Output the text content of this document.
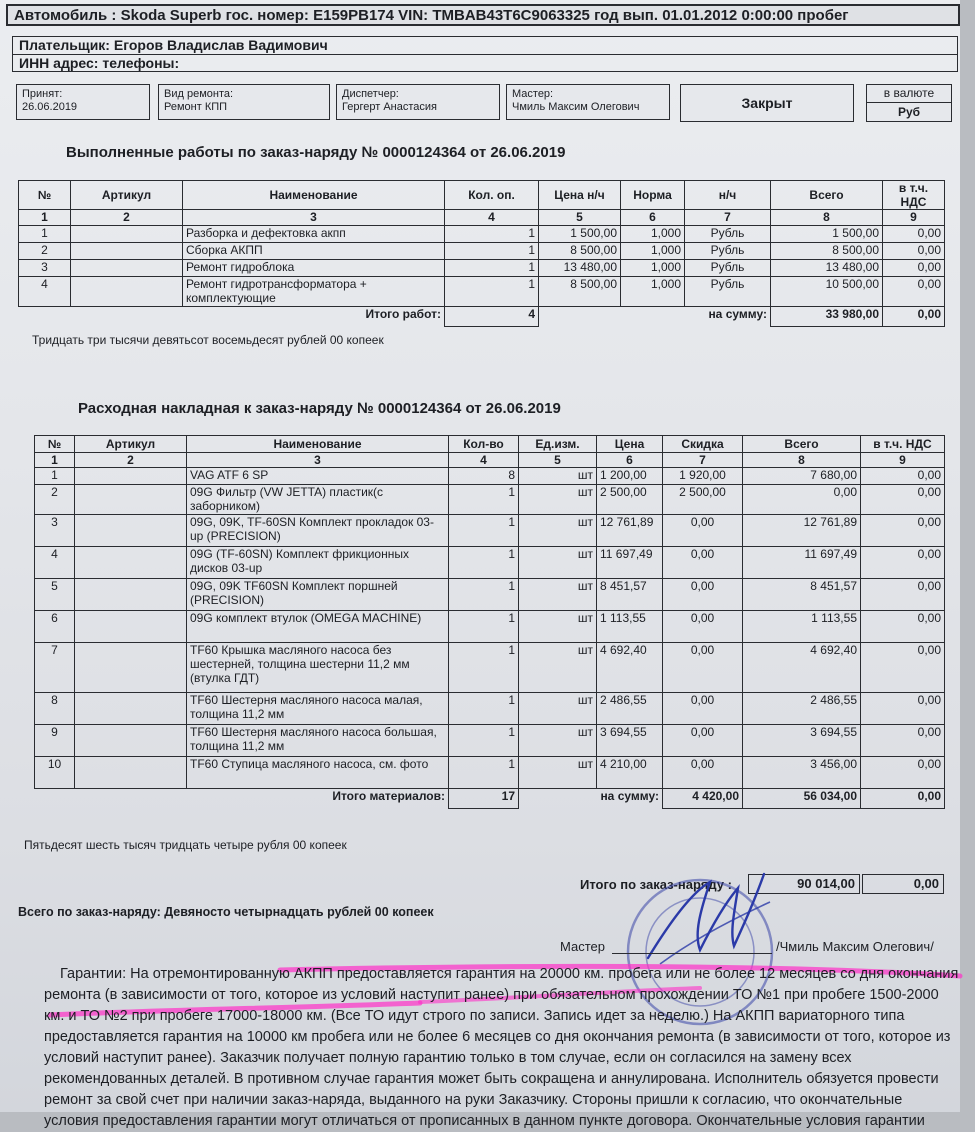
Автомобиль : Skoda Superb гос. номер: Е159РВ174 VIN: TMBAB43T6C9063325 год вып. 01.01.2012 0:00:00 пробег
Плательщик: Егоров Владислав Вадимович
ИНН адрес: телефоны:
Принят:
26.06.2019
Вид ремонта:
Ремонт КПП
Диспетчер:
Гергерт Анастасия
Мастер:
Чмиль Максим Олегович	Закрыт
в валюте
Руб
Выполненные работы по заказ-наряду № 0000124364 от 26.06.2019
№	Артикул	Наименование	Кол. оп.	Цена н/ч	Норма	н/ч	Всего	в т.ч. НДС
1	2	3	4	5	6	7	8	9
1		Разборка и дефектовка акпп	1	1 500,00	1,000	Рубль	1 500,00	0,00
2		Сборка АКПП	1	8 500,00	1,000	Рубль	8 500,00	0,00
3		Ремонт гидроблока	1	13 480,00	1,000	Рубль	13 480,00	0,00
4		Ремонт гидротрансформатора + комплектующие	1	8 500,00	1,000	Рубль	10 500,00	0,00
Итого работ:			4	на сумму:			33 980,00	0,00
Тридцать три тысячи девятьсот восемьдесят рублей 00 копеек
Расходная накладная к заказ-наряду № 0000124364 от 26.06.2019
№	Артикул	Наименование	Кол-во	Ед.изм.	Цена	Скидка	Всего	в т.ч. НДС
1	2	3	4	5	6	7	8	9
1		VAG ATF 6 SP	8	шт	1 200,00	1 920,00	7 680,00	0,00
2		09G Фильтр (VW JETTA) пластик(с заборником)	1	шт	2 500,00	2 500,00	0,00	0,00
3		09G, 09K, TF-60SN Комплект прокладок 03-up (PRECISION)	1	шт	12 761,89	0,00	12 761,89	0,00
4		09G (TF-60SN) Комплект фрикционных дисков 03-up	1	шт	11 697,49	0,00	11 697,49	0,00
5		09G, 09K TF60SN Комплект поршней (PRECISION)	1	шт	8 451,57	0,00	8 451,57	0,00
6		09G комплект втулок (OMEGA MACHINE)	1	шт	1 113,55	0,00	1 113,55	0,00
7		TF60 Крышка масляного насоса без шестерней, толщина шестерни 11,2 мм (втулка ГДТ)	1	шт	4 692,40	0,00	4 692,40	0,00
8		TF60 Шестерня масляного насоса малая, толщина 11,2 мм	1	шт	2 486,55	0,00	2 486,55	0,00
9		TF60 Шестерня масляного насоса большая, толщина 11,2 мм	1	шт	3 694,55	0,00	3 694,55	0,00
10		TF60 Ступица масляного насоса, см. фото	1	шт	4 210,00	0,00	3 456,00	0,00
Итого материалов:			17	на сумму:		4 420,00	56 034,00	0,00
Пятьдесят шесть тысяч тридцать четыре рубля 00 копеек
Итого по заказ-наряду :	90 014,00	0,00
Всего по заказ-наряду: Девяносто четырнадцать рублей 00 копеек
Мастер	/Чмиль Максим Олегович/
Гарантии: На отремонтированную АКПП предоставляется гарантия на 20000 км. пробега или не более 12 месяцев со дня окончания
ремонта (в зависимости от того, которое из условий наступит ранее) при обязательном прохождении ТО №1 при пробеге 1500-2000
км. и ТО №2 при пробеге 17000-18000 км. (Все ТО идут строго по записи. Запись идет за неделю.) На АКПП вариаторного типа
предоставляется гарантия на 10000 км пробега или не более 6 месяцев со дня окончания ремонта (в зависимости от того, которое из
условий наступит ранее). Заказчик получает полную гарантию только в том случае, если он согласился на замену всех
рекомендованных деталей. В противном случае гарантия может быть сокращена и аннулирована. Исполнитель обязуется провести
ремонт за свой счет при наличии заказ-наряда, выданного на руки Заказчику. Стороны пришли к согласию, что окончательные
условия предоставления гарантии могут отличаться от прописанных в данном пункте договора. Окончательные условия гарантии
